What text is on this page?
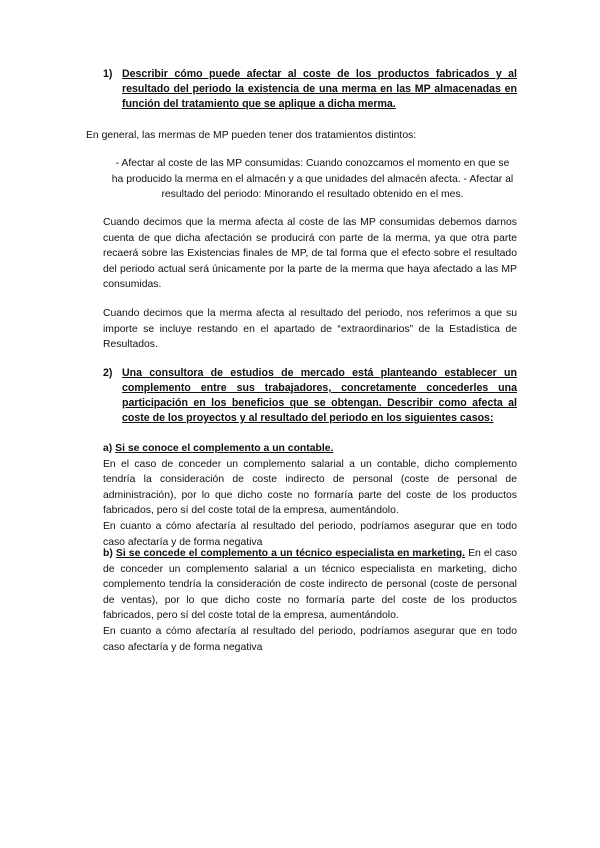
1) Describir cómo puede afectar al coste de los productos fabricados y al resultado del periodo la existencia de una merma en las MP almacenadas en función del tratamiento que se aplique a dicha merma.

En general, las mermas de MP pueden tener dos tratamientos distintos:

- Afectar al coste de las MP consumidas: Cuando conozcamos el momento en que se ha producido la merma en el almacén y a que unidades del almacén afecta. - Afectar al resultado del periodo: Minorando el resultado obtenido en el mes.

Cuando decimos que la merma afecta al coste de las MP consumidas debemos darnos cuenta de que dicha afectación se producirá con parte de la merma, ya que otra parte recaerá sobre las Existencias finales de MP, de tal forma que el efecto sobre el resultado del periodo actual será únicamente por la parte de la merma que haya afectado a las MP consumidas.

Cuando decimos que la merma afecta al resultado del periodo, nos referimos a que su importe se incluye restando en el apartado de “extraordinarios” de la Estadística de Resultados.

2) Una consultora de estudios de mercado está planteando establecer un complemento entre sus trabajadores, concretamente concederles una participación en los beneficios que se obtengan. Describir como afecta al coste de los proyectos y al resultado del periodo en los siguientes casos:
a) Si se conoce el complemento a un contable.
En el caso de conceder un complemento salarial a un contable, dicho complemento tendría la consideración de coste indirecto de personal (coste de personal de administración), por lo que dicho coste no formaría parte del coste de los productos fabricados, pero sí del coste total de la empresa, aumentándolo.
En cuanto a cómo afectaría al resultado del periodo, podríamos asegurar que en todo caso afectaría y de forma negativa
b) Si se concede el complemento a un técnico especialista en marketing. En el caso de conceder un complemento salarial a un técnico especialista en marketing, dicho complemento tendría la consideración de coste indirecto de personal (coste de personal de ventas), por lo que dicho coste no formaría parte del coste de los productos fabricados, pero sí del coste total de la empresa, aumentándolo.
En cuanto a cómo afectaría al resultado del periodo, podríamos asegurar que en todo caso afectaría y de forma negativa
